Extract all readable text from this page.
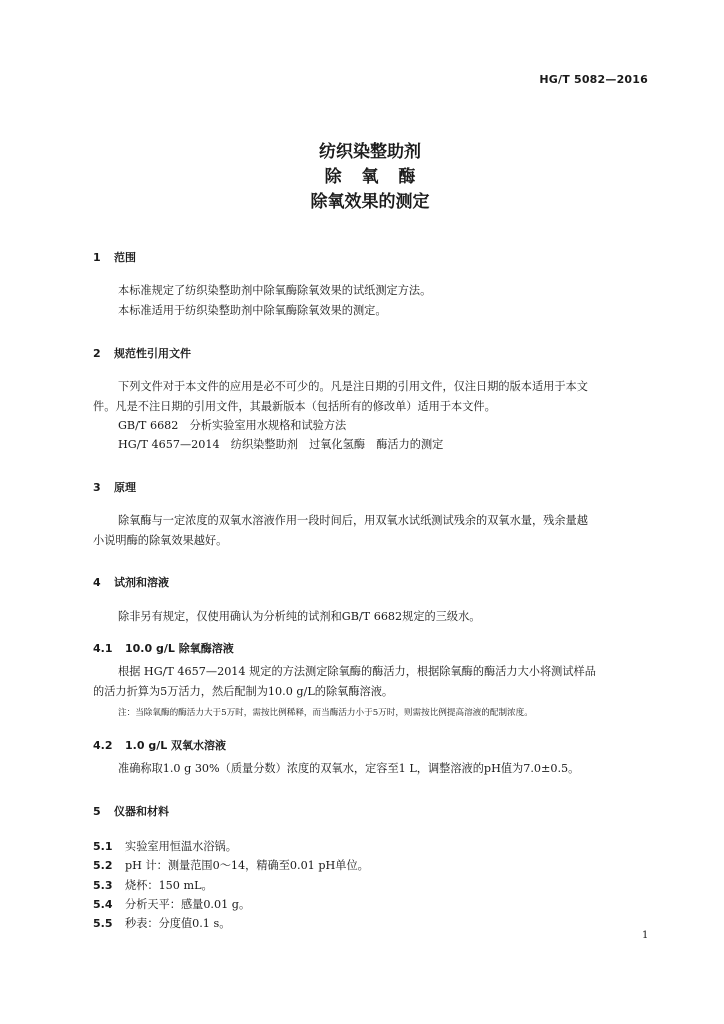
HG/T 5082—2016
纺织染整助剂
除 氧 酶
除氧效果的测定
1 范围
本标准规定了纺织染整助剂中除氧酶除氧效果的试纸测定方法。
本标准适用于纺织染整助剂中除氧酶除氧效果的测定。
2 规范性引用文件
下列文件对于本文件的应用是必不可少的。凡是注日期的引用文件，仅注日期的版本适用于本文
件。凡是不注日期的引用文件，其最新版本（包括所有的修改单）适用于本文件。
GB/T 6682　分析实验室用水规格和试验方法
HG/T 4657—2014　纺织染整助剂　过氧化氢酶　酶活力的测定
3 原理
除氧酶与一定浓度的双氧水溶液作用一段时间后，用双氧水试纸测试残余的双氧水量，残余量越
小说明酶的除氧效果越好。
4 试剂和溶液
除非另有规定，仅使用确认为分析纯的试剂和GB/T 6682规定的三级水。
4.1 10.0 g/L 除氧酶溶液
根据 HG/T 4657—2014 规定的方法测定除氧酶的酶活力，根据除氧酶的酶活力大小将测试样品
的活力折算为5万活力，然后配制为10.0 g/L的除氧酶溶液。
注：当除氧酶的酶活力大于5万时，需按比例稀释，而当酶活力小于5万时，则需按比例提高溶液的配制浓度。
4.2 1.0 g/L 双氧水溶液
准确称取1.0 g 30%（质量分数）浓度的双氧水，定容至1 L，调整溶液的pH值为7.0±0.5。
5 仪器和材料
5.1 实验室用恒温水浴锅。
5.2 pH 计：测量范围0～14，精确至0.01 pH单位。
5.3 烧杯：150 mL。
5.4 分析天平：感量0.01 g。
5.5 秒表：分度值0.1 s。
1
